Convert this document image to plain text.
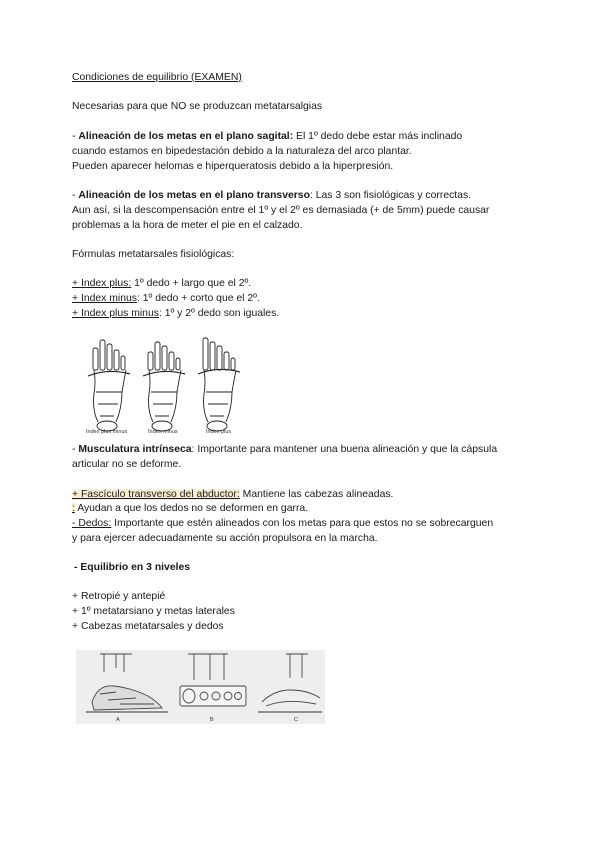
Condiciones de equilibrio (EXAMEN)
Necesarias para que NO se produzcan metatarsalgias
- Alineación de los metas en el plano sagital: El 1º dedo debe estar más inclinado
cuando estamos en bipedestación debido a la naturaleza del arco plantar.
Pueden aparecer helomas e hiperqueratosis debido a la hiperpresión.
- Alineación de los metas en el plano transverso: Las 3 son fisiológicas y correctas.
Aun así, si la descompensación entre el 1º y el 2º es demasiada (+ de 5mm) puede causar
problemas a la hora de meter el pie en el calzado.
Fórmulas metatarsales fisiológicas:
+ Index plus: 1º dedo + largo que el 2º.
+ Index minus: 1º dedo + corto que el 2º.
+ Index plus minus: 1º y 2º dedo son iguales.
Index plus minus	Index minus	Index plus
- Musculatura intrínseca: Importante para mantener una buena alineación y que la cápsula
articular no se deforme.
+ Fascículo transverso del abductor: Mantiene las cabezas alineadas.
: Ayudan a que los dedos no se deformen en garra.
- Dedos: Importante que estén alineados con los metas para que estos no se sobrecarguen
y para ejercer adecuadamente su acción propulsora en la marcha.
- Equilibrio en 3 niveles
+ Retropié y antepié
+ 1º metatarsiano y metas laterales
+ Cabezas metatarsales y dedos
A	B	C
